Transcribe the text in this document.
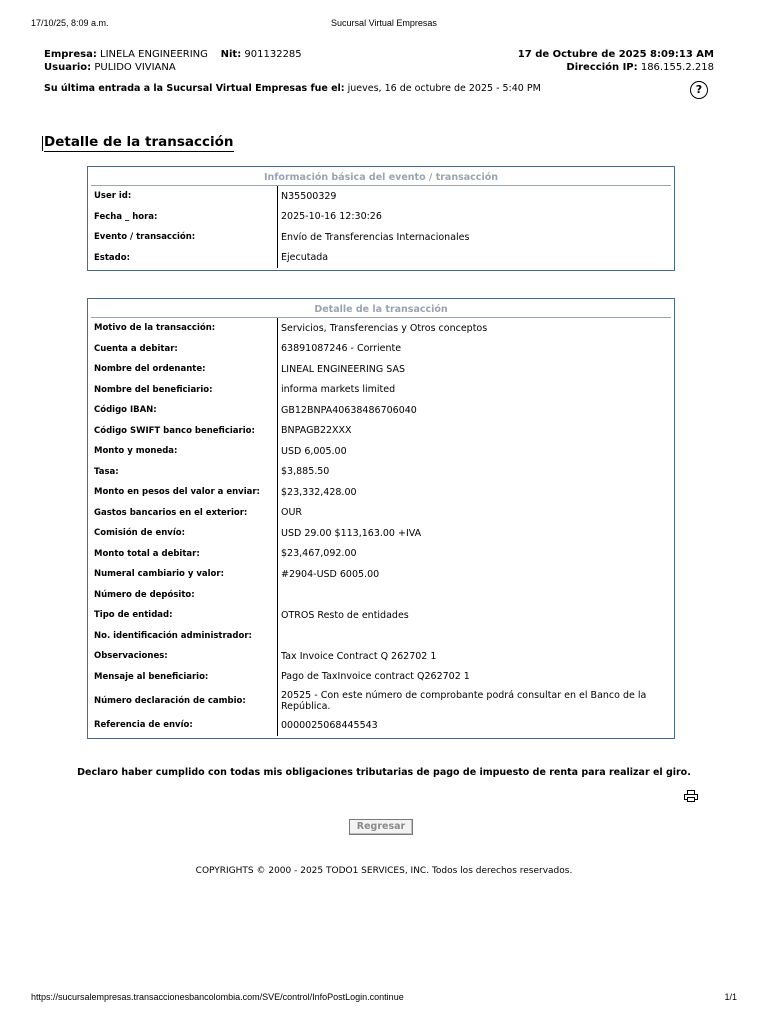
17/10/25, 8:09 a.m.	Sucursal Virtual Empresas
Empresa: LINELA ENGINEERING Nit: 901132285	17 de Octubre de 2025 8:09:13 AM
Usuario: PULIDO VIVIANA	Dirección IP: 186.155.2.218
Su última entrada a la Sucursal Virtual Empresas fue el: jueves, 16 de octubre de 2025 - 5:40 PM	?
Detalle de la transacción
Información básica del evento / transacción
User id:	N35500329
Fecha _ hora:	2025-10-16 12:30:26
Evento / transacción:	Envío de Transferencias Internacionales
Estado:	Ejecutada
Detalle de la transacción
Motivo de la transacción:	Servicios, Transferencias y Otros conceptos
Cuenta a debitar:	63891087246 - Corriente
Nombre del ordenante:	LINEAL ENGINEERING SAS
Nombre del beneficiario:	informa markets limited
Código IBAN:	GB12BNPA40638486706040
Código SWIFT banco beneficiario:	BNPAGB22XXX
Monto y moneda:	USD 6,005.00
Tasa:	$3,885.50
Monto en pesos del valor a enviar:	$23,332,428.00
Gastos bancarios en el exterior:	OUR
Comisión de envío:	USD 29.00 $113,163.00 +IVA
Monto total a debitar:	$23,467,092.00
Numeral cambiario y valor:	#2904-USD 6005.00
Número de depósito:	
Tipo de entidad:	OTROS Resto de entidades
No. identificación administrador:	
Observaciones:	Tax Invoice Contract Q 262702 1
Mensaje al beneficiario:	Pago de TaxInvoice contract Q262702 1
Número declaración de cambio:	20525 - Con este número de comprobante podrá consultar en el Banco de la República.
Referencia de envío:	0000025068445543
Declaro haber cumplido con todas mis obligaciones tributarias de pago de impuesto de renta para realizar el giro.
Regresar
COPYRIGHTS © 2000 - 2025 TODO1 SERVICES, INC. Todos los derechos reservados.
https://sucursalempresas.transaccionesbancolombia.com/SVE/control/InfoPostLogin.continue	1/1
